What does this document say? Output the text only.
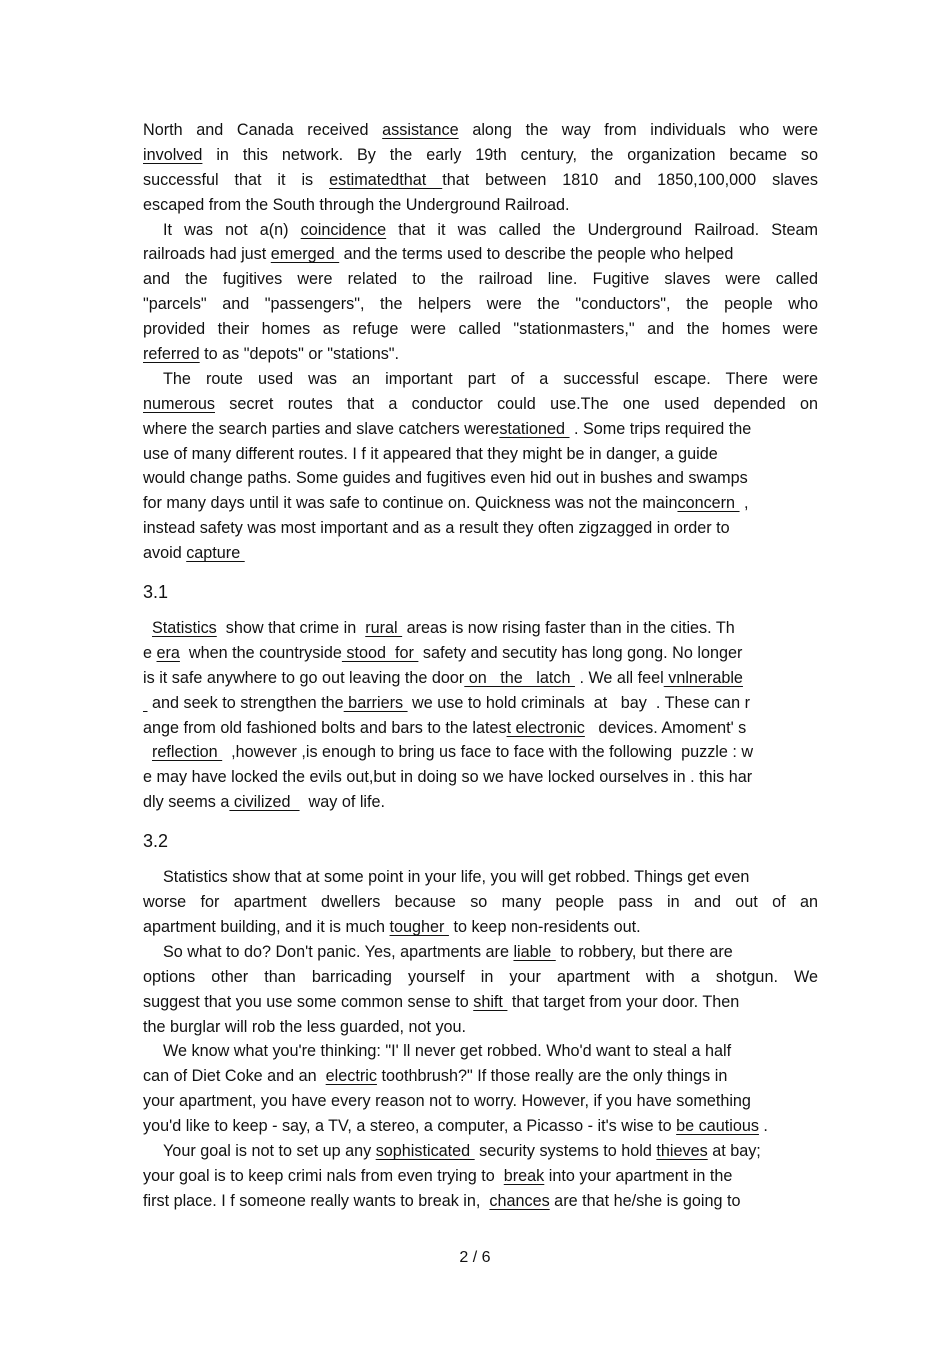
North and Canada received assistance along the way from individuals who were
involved in this network. By the early 19th century, the organization became so
successful that it is estimatedthat that between 1810 and 1850,100,000 slaves
escaped from the South through the Underground Railroad.
It was not a(n) coincidence that it was called the Underground Railroad. Steam
railroads had just emerged  and the terms used to describe the people who helped
and the fugitives were related to the railroad line. Fugitive slaves were called
"parcels" and "passengers", the helpers were the "conductors", the people who
provided their homes as refuge were called "stationmasters," and the homes were
referred to as "depots" or "stations".
The route used was an important part of a successful escape. There were
numerous secret routes that a conductor could use.The one used depended on
where the search parties and slave catchers werestationed  . Some trips required the
use of many different routes. I f it appeared that they might be in danger, a guide
would change paths. Some guides and fugitives even hid out in bushes and swamps
for many days until it was safe to continue on. Quickness was not the mainconcern  ,
instead safety was most important and as a result they often zigzagged in order to
avoid capture
3.1
Statistics  show that crime in  rural  areas is now rising faster than in the cities. Th
e era  when the countryside stood  for  safety and secutity has long gong. No longer
is it safe anywhere to go out leaving the door on   the   latch  . We all feel vnlnerable
and seek to strengthen the barriers  we use to hold criminals  at   bay  . These can r
ange from old fashioned bolts and bars to the latest electronic   devices. Amoment' s
reflection   ,however ,is enough to bring us face to face with the following  puzzle : w
e may have locked the evils out,but in doing so we have locked ourselves in . this har
dly seems a civilized    way of life.
3.2
Statistics show that at some point in your life, you will get robbed. Things get even
worse for apartment dwellers because so many people pass in and out of an
apartment building, and it is much tougher  to keep non-residents out.
So what to do? Don't panic. Yes, apartments are liable  to robbery, but there are
options other than barricading yourself in your apartment with a shotgun. We
suggest that you use some common sense to shift  that target from your door. Then
the burglar will rob the less guarded, not you.
We know what you're thinking: "I' ll never get robbed. Who'd want to steal a half
can of Diet Coke and an  electric toothbrush?" If those really are the only things in
your apartment, you have every reason not to worry. However, if you have something
you'd like to keep - say, a TV, a stereo, a computer, a Picasso - it's wise to be cautious .
Your goal is not to set up any sophisticated  security systems to hold thieves at bay;
your goal is to keep crimi nals from even trying to  break into your apartment in the
first place. I f someone really wants to break in,  chances are that he/she is going to
2 / 6
